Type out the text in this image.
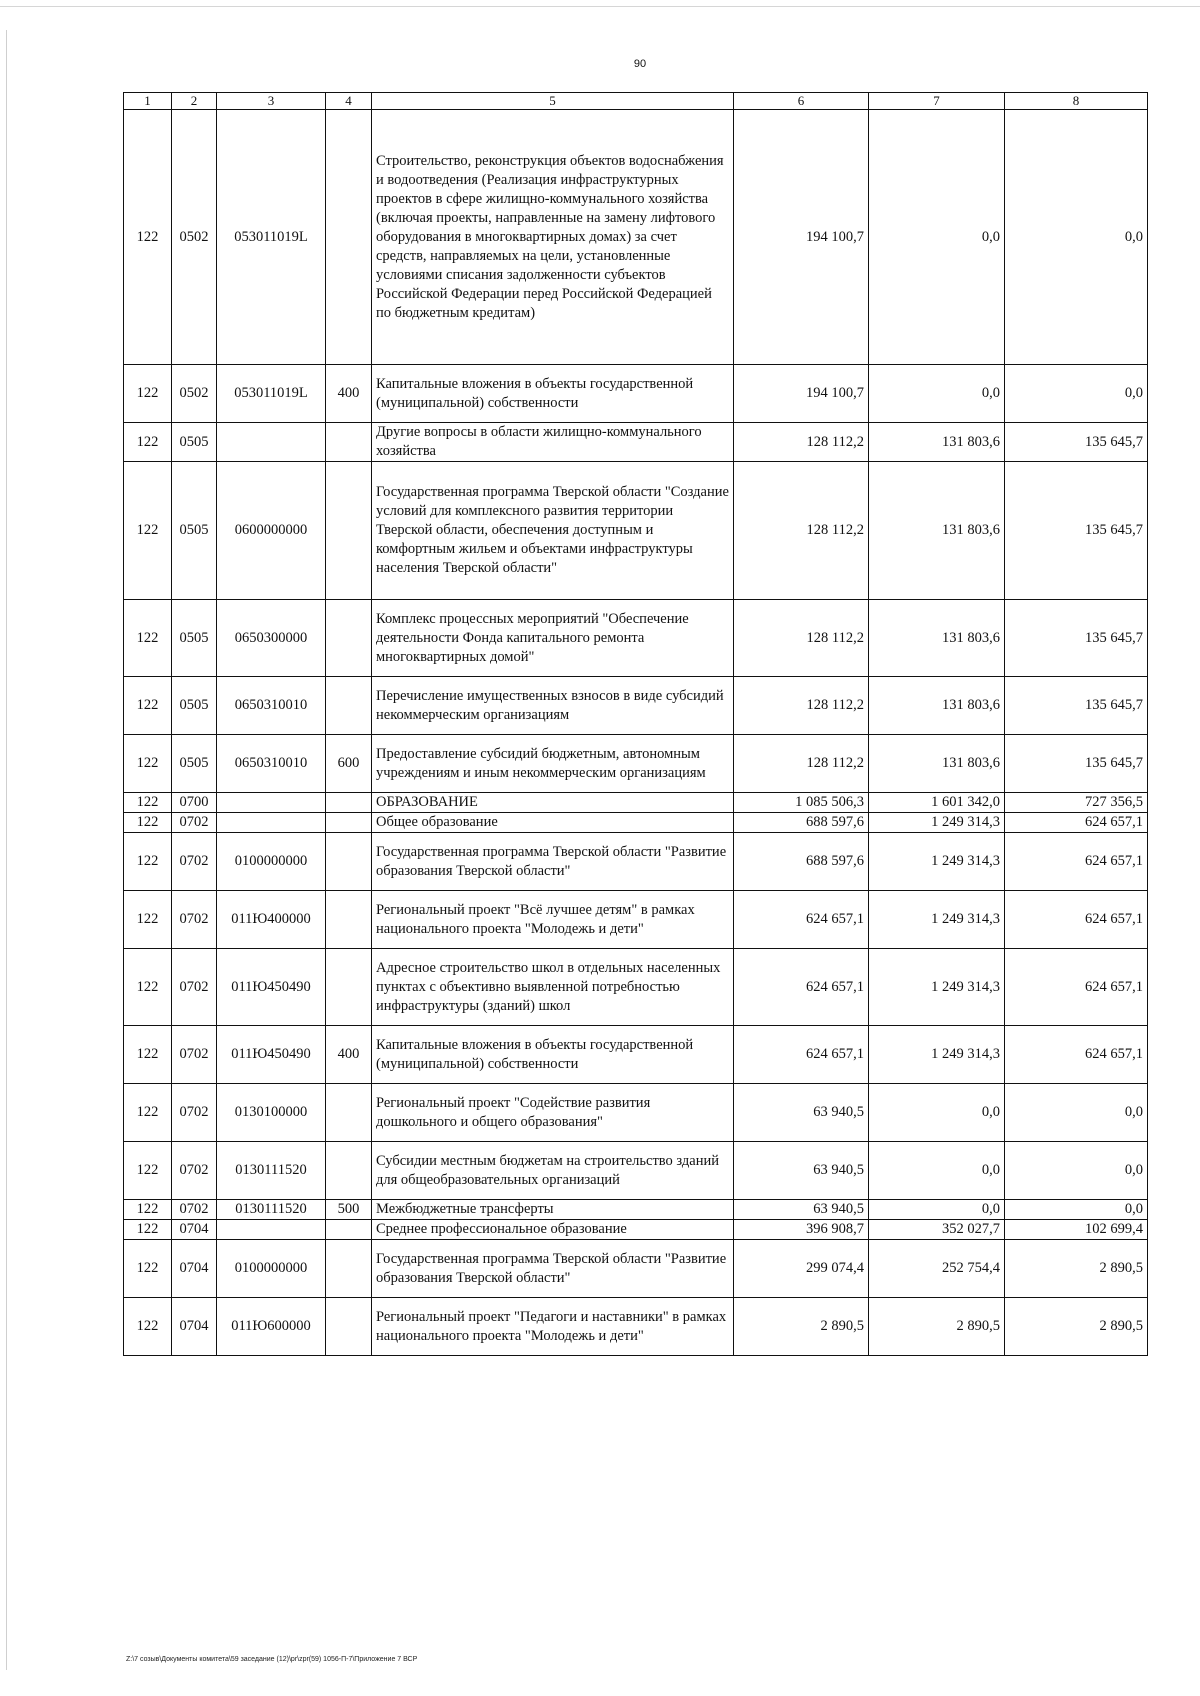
90
1	2	3	4	5	6	7	8
122	0502	053011019L		Строительство, реконструкция объектов водоснабжения и водоотведения (Реализация инфраструктурных проектов в сфере жилищно-коммунального хозяйства (включая проекты, направленные на замену лифтового оборудования в многоквартирных домах) за счет средств, направляемых на цели, установленные условиями списания задолженности субъектов Российской Федерации перед Российской Федерацией по бюджетным кредитам)	194 100,7	0,0	0,0
122	0502	053011019L	400	Капитальные вложения в объекты государственной (муниципальной) собственности	194 100,7	0,0	0,0
122	0505			Другие вопросы в области жилищно-коммунального хозяйства	128 112,2	131 803,6	135 645,7
122	0505	0600000000		Государственная программа Тверской области "Создание условий для комплексного развития территории Тверской области, обеспечения доступным и комфортным жильем и объектами инфраструктуры населения Тверской области"	128 112,2	131 803,6	135 645,7
122	0505	0650300000		Комплекс процессных мероприятий "Обеспечение деятельности Фонда капитального ремонта многоквартирных домой"	128 112,2	131 803,6	135 645,7
122	0505	0650310010		Перечисление имущественных взносов в виде субсидий некоммерческим организациям	128 112,2	131 803,6	135 645,7
122	0505	0650310010	600	Предоставление субсидий бюджетным, автономным учреждениям и иным некоммерческим организациям	128 112,2	131 803,6	135 645,7
122	0700			ОБРАЗОВАНИЕ	1 085 506,3	1 601 342,0	727 356,5
122	0702			Общее образование	688 597,6	1 249 314,3	624 657,1
122	0702	0100000000		Государственная программа Тверской области "Развитие образования Тверской области"	688 597,6	1 249 314,3	624 657,1
122	0702	011Ю400000		Региональный проект "Всё лучшее детям" в рамках национального проекта "Молодежь и дети"	624 657,1	1 249 314,3	624 657,1
122	0702	011Ю450490		Адресное строительство школ в отдельных населенных пунктах с объективно выявленной потребностью инфраструктуры (зданий) школ	624 657,1	1 249 314,3	624 657,1
122	0702	011Ю450490	400	Капитальные вложения в объекты государственной (муниципальной) собственности	624 657,1	1 249 314,3	624 657,1
122	0702	0130100000		Региональный проект "Содействие развития дошкольного и общего образования"	63 940,5	0,0	0,0
122	0702	0130111520		Субсидии местным бюджетам на строительство зданий для общеобразовательных организаций	63 940,5	0,0	0,0
122	0702	0130111520	500	Межбюджетные трансферты	63 940,5	0,0	0,0
122	0704			Среднее профессиональное образование	396 908,7	352 027,7	102 699,4
122	0704	0100000000		Государственная программа Тверской области "Развитие образования Тверской области"	299 074,4	252 754,4	2 890,5
122	0704	011Ю600000		Региональный проект "Педагоги и наставники" в рамках национального проекта "Молодежь и дети"	2 890,5	2 890,5	2 890,5
Z:\7 созыв\Документы комитета\59 заседание (12)\pr\zpr(59) 1056-П-7\Приложение 7 ВСР
